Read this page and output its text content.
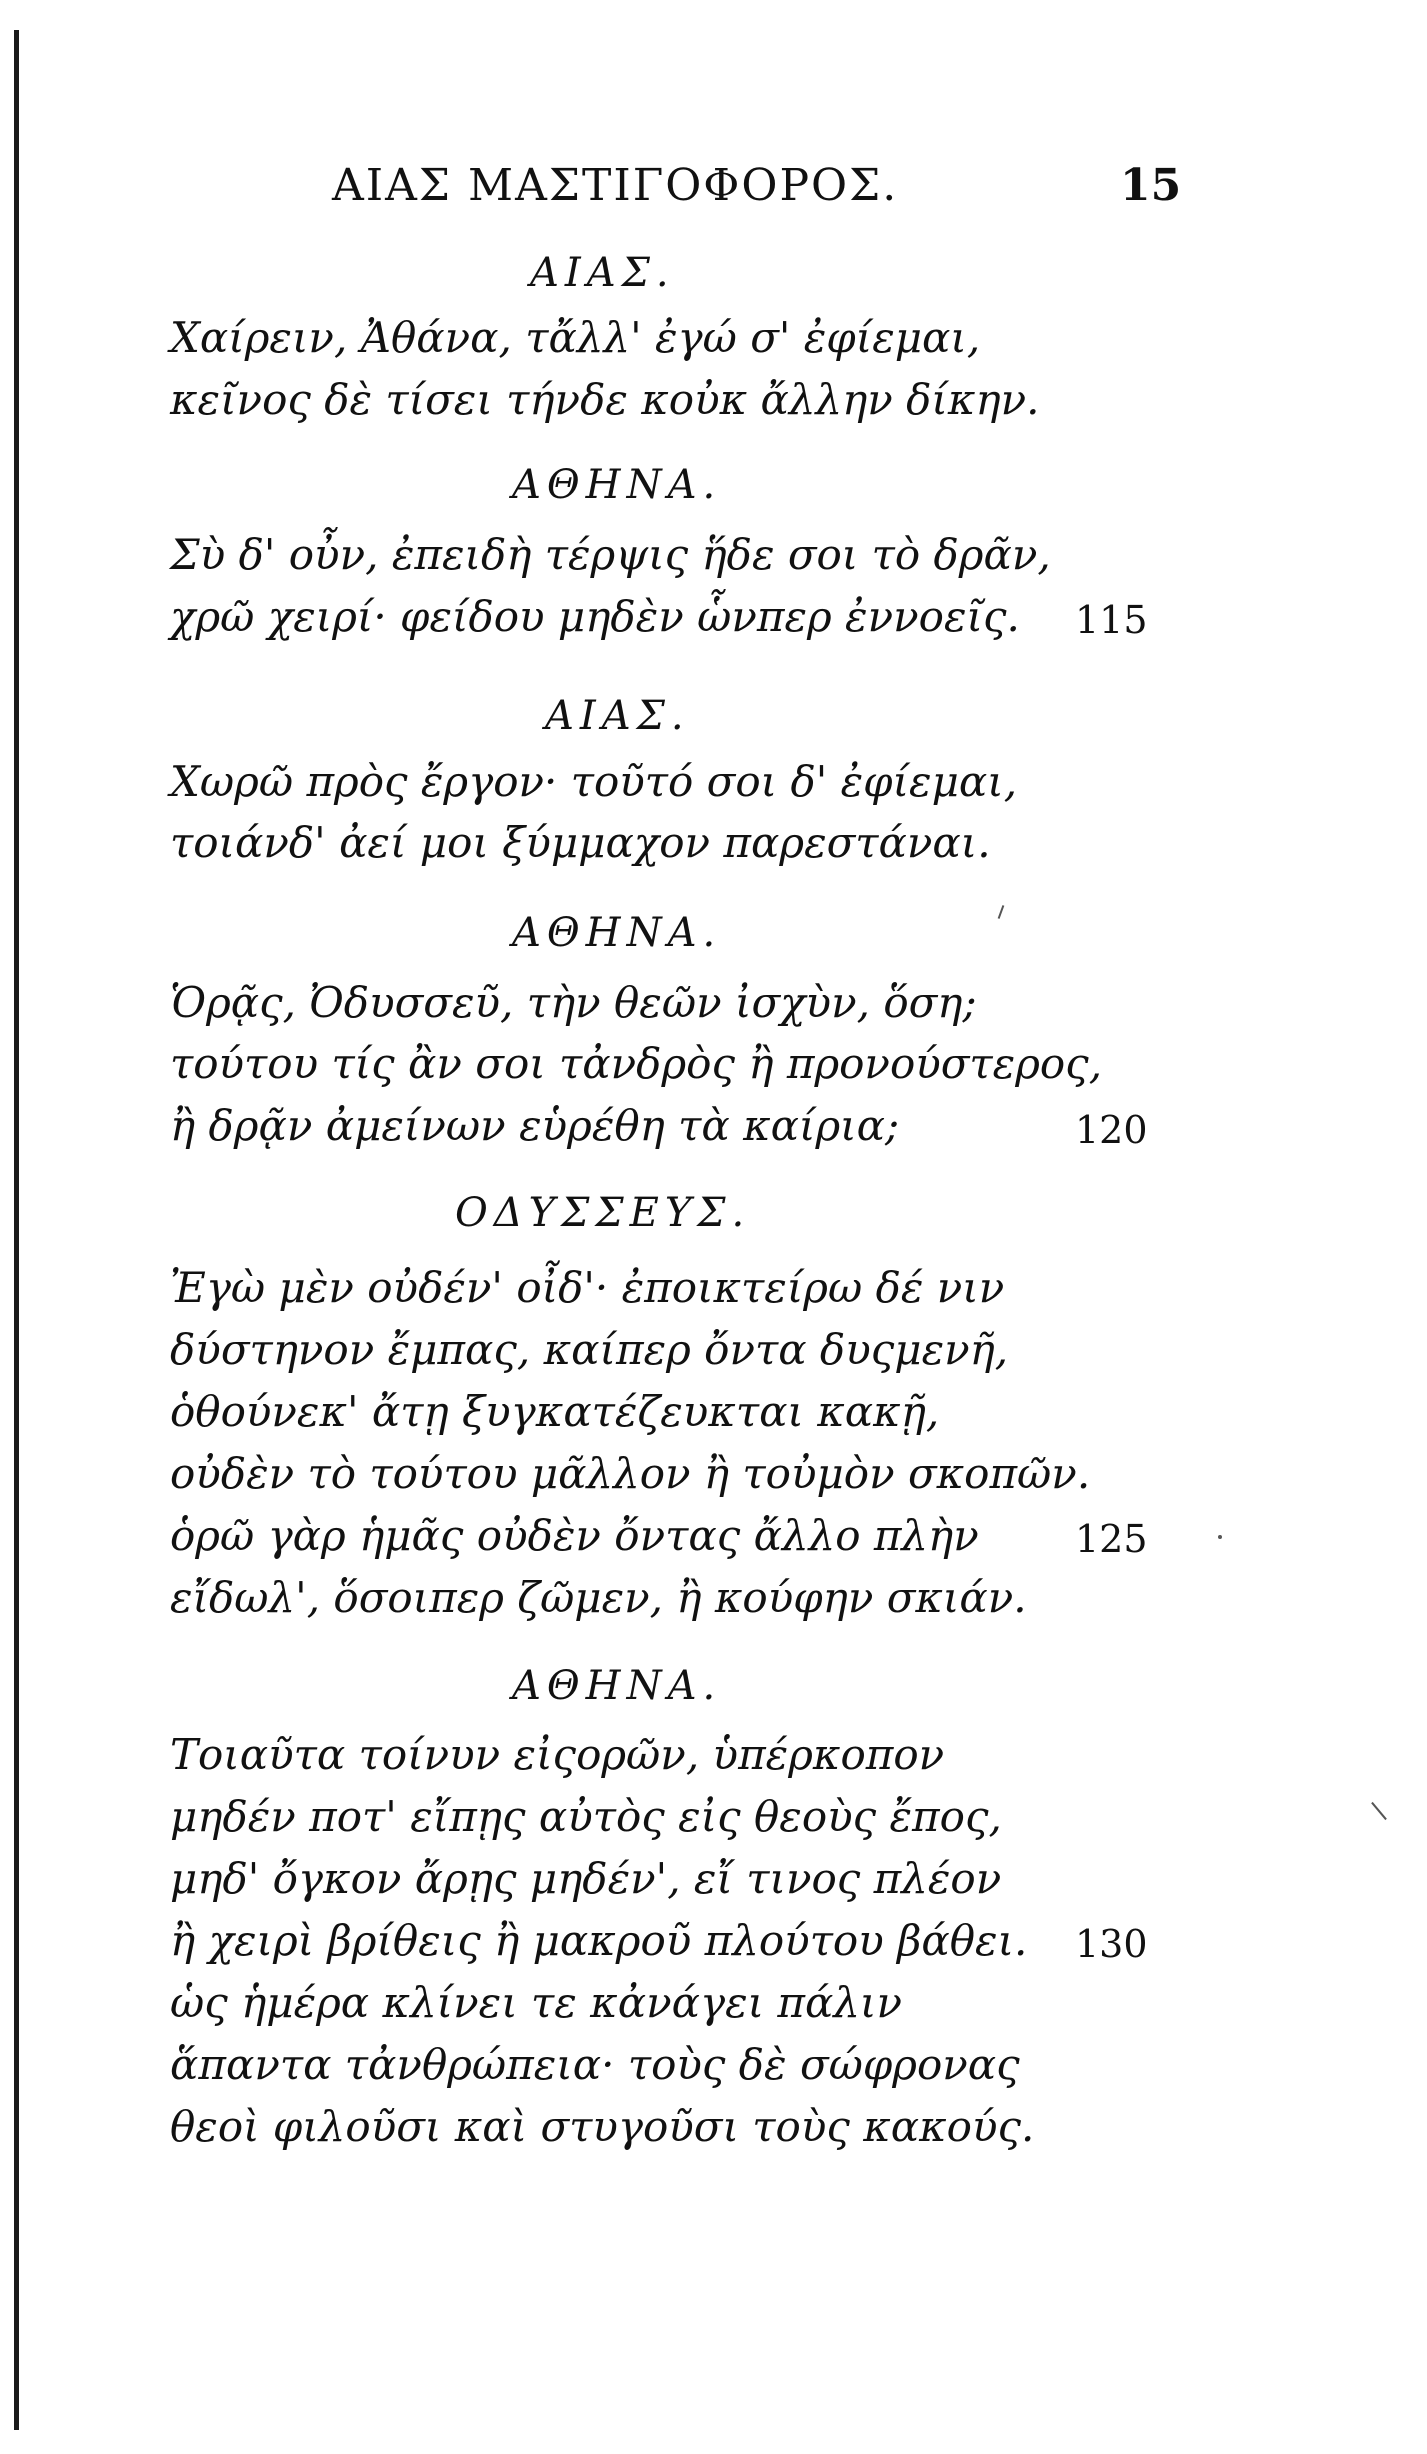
ΑΙΑΣ ΜΑΣΤΙΓΟΦΟΡΟΣ.	15
ΑΙΑΣ.
Χαίρειν, Ἀθάνα, τἄλλ' ἐγώ σ' ἐφίεμαι,
κεῖνος δὲ τίσει τήνδε κοὐκ ἄλλην δίκην.
ΑΘΗΝΑ.
Σὺ δ' οὖν, ἐπειδὴ τέρψις ἥδε σοι τὸ δρᾶν,
χρῶ χειρί· φείδου μηδὲν ὧνπερ ἐννοεῖς. 115
ΑΙΑΣ.
Χωρῶ πρὸς ἔργον· τοῦτό σοι δ' ἐφίεμαι,
τοιάνδ' ἀεί μοι ξύμμαχον παρεστάναι.
ΑΘΗΝΑ.
Ὁρᾷς, Ὀδυσσεῦ, τὴν θεῶν ἰσχὺν, ὅση;
τούτου τίς ἂν σοι τἀνδρὸς ἢ προνούστερος,
ἢ δρᾷν ἀμείνων εὑρέθη τὰ καίρια;	120
ΟΔΥΣΣΕΥΣ.
Ἐγὼ μὲν οὐδέν' οἶδ'· ἐποικτείρω δέ νιν
δύστηνον ἔμπας, καίπερ ὄντα δυςμενῆ,
ὁθούνεκ' ἄτῃ ξυγκατέζευκται κακῇ,
οὐδὲν τὸ τούτου μᾶλλον ἢ τοὐμὸν σκοπῶν.
ὁρῶ γὰρ ἡμᾶς οὐδὲν ὄντας ἄλλο πλὴν	125
εἴδωλ', ὅσοιπερ ζῶμεν, ἢ κούφην σκιάν.
ΑΘΗΝΑ.
Τοιαῦτα τοίνυν εἰςορῶν, ὑπέρκοπον
μηδέν ποτ' εἴπῃς αὐτὸς εἰς θεοὺς ἔπος,
μηδ' ὄγκον ἄρῃς μηδέν', εἴ τινος πλέον
ἢ χειρὶ βρίθεις ἢ μακροῦ πλούτου βάθει. 130
ὡς ἡμέρα κλίνει τε κἀνάγει πάλιν
ἅπαντα τἀνθρώπεια· τοὺς δὲ σώφρονας
θεοὶ φιλοῦσι καὶ στυγοῦσι τοὺς κακούς.
